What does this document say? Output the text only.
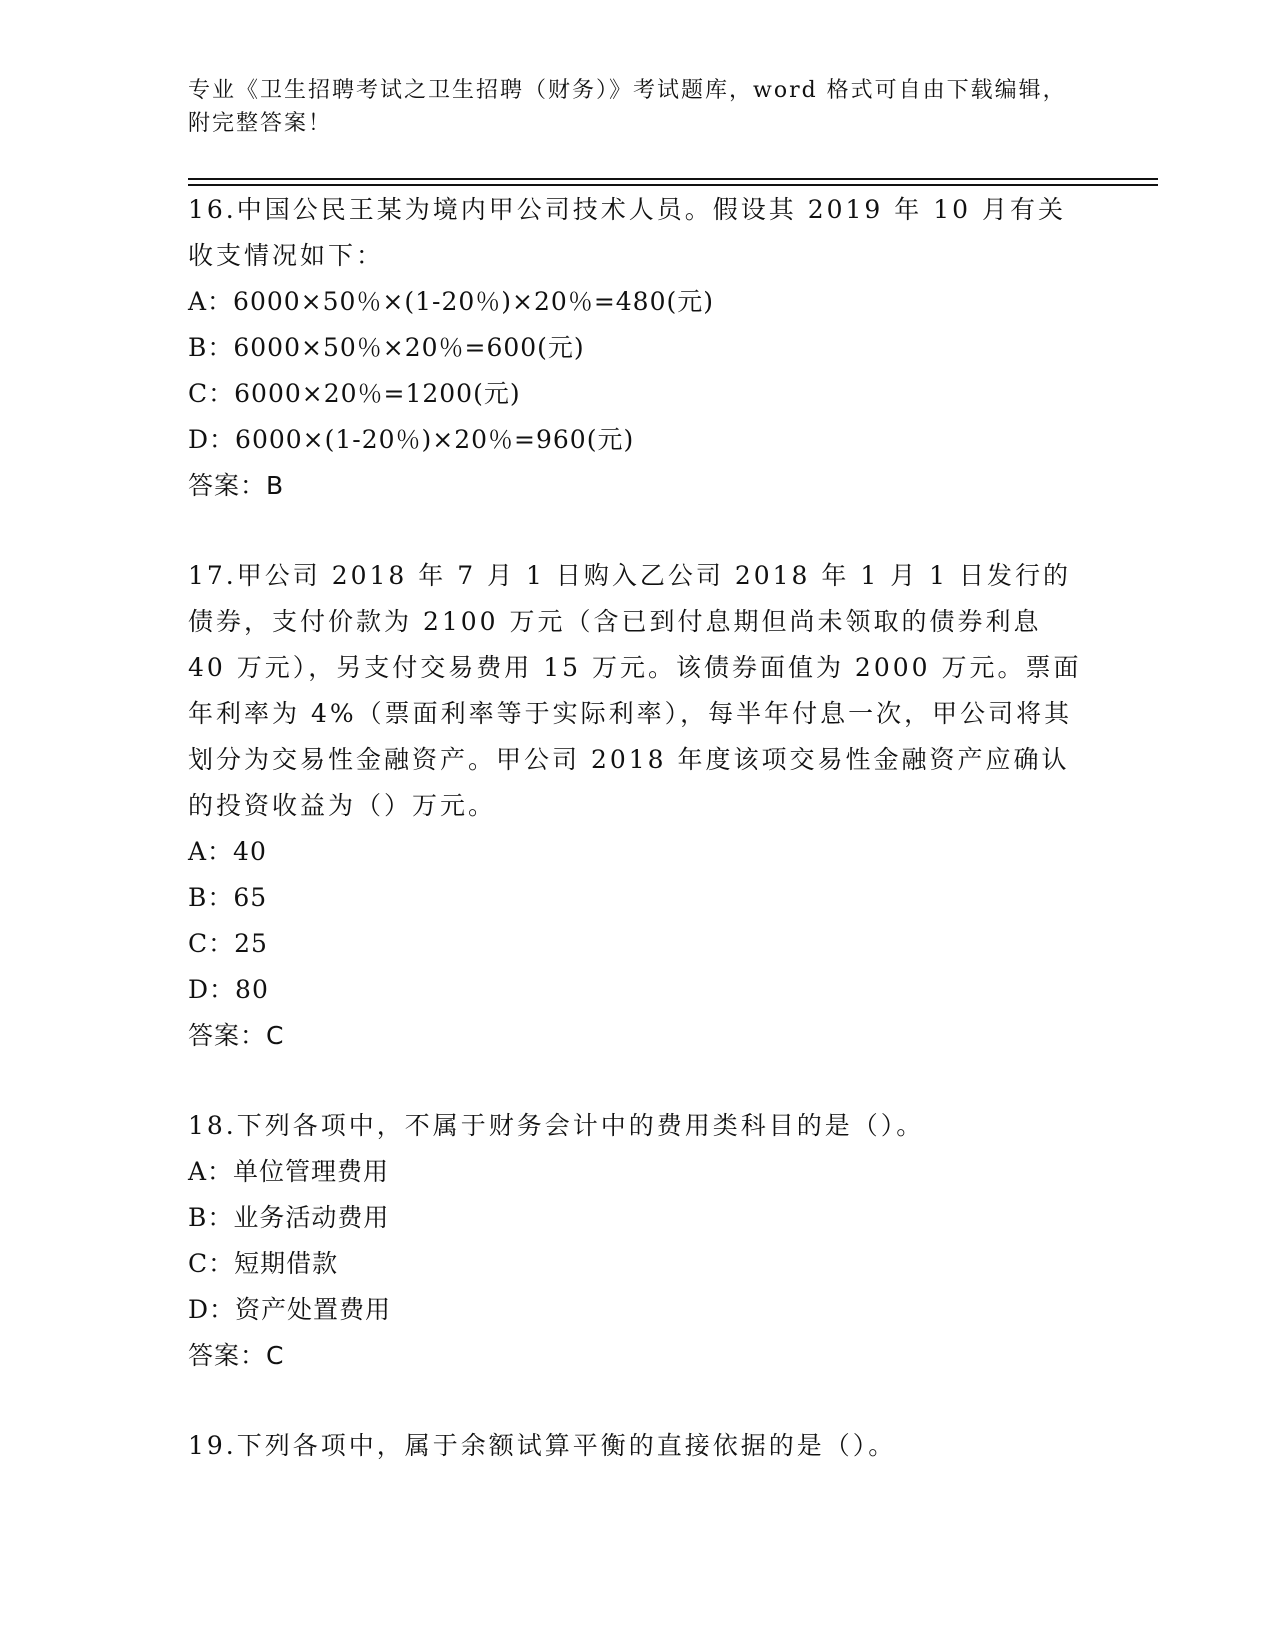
专业《卫生招聘考试之卫生招聘（财务）》考试题库，word 格式可自由下载编辑，附完整答案！
16.中国公民王某为境内甲公司技术人员。假设其 2019 年 10 月有关收支情况如下：
A：6000×50％×(1-20％)×20％=480(元)
B：6000×50％×20％=600(元)
C：6000×20％=1200(元)
D：6000×(1-20％)×20％=960(元)
答案：B
17.甲公司 2018 年 7 月 1 日购入乙公司 2018 年 1 月 1 日发行的债券，支付价款为 2100 万元（含已到付息期但尚未领取的债券利息 40 万元），另支付交易费用 15 万元。该债券面值为 2000 万元。票面年利率为 4%（票面利率等于实际利率），每半年付息一次，甲公司将其划分为交易性金融资产。甲公司 2018 年度该项交易性金融资产应确认的投资收益为（）万元。
A：40
B：65
C：25
D：80
答案：C
18.下列各项中，不属于财务会计中的费用类科目的是（）。
A：单位管理费用
B：业务活动费用
C：短期借款
D：资产处置费用
答案：C
19.下列各项中，属于余额试算平衡的直接依据的是（）。
